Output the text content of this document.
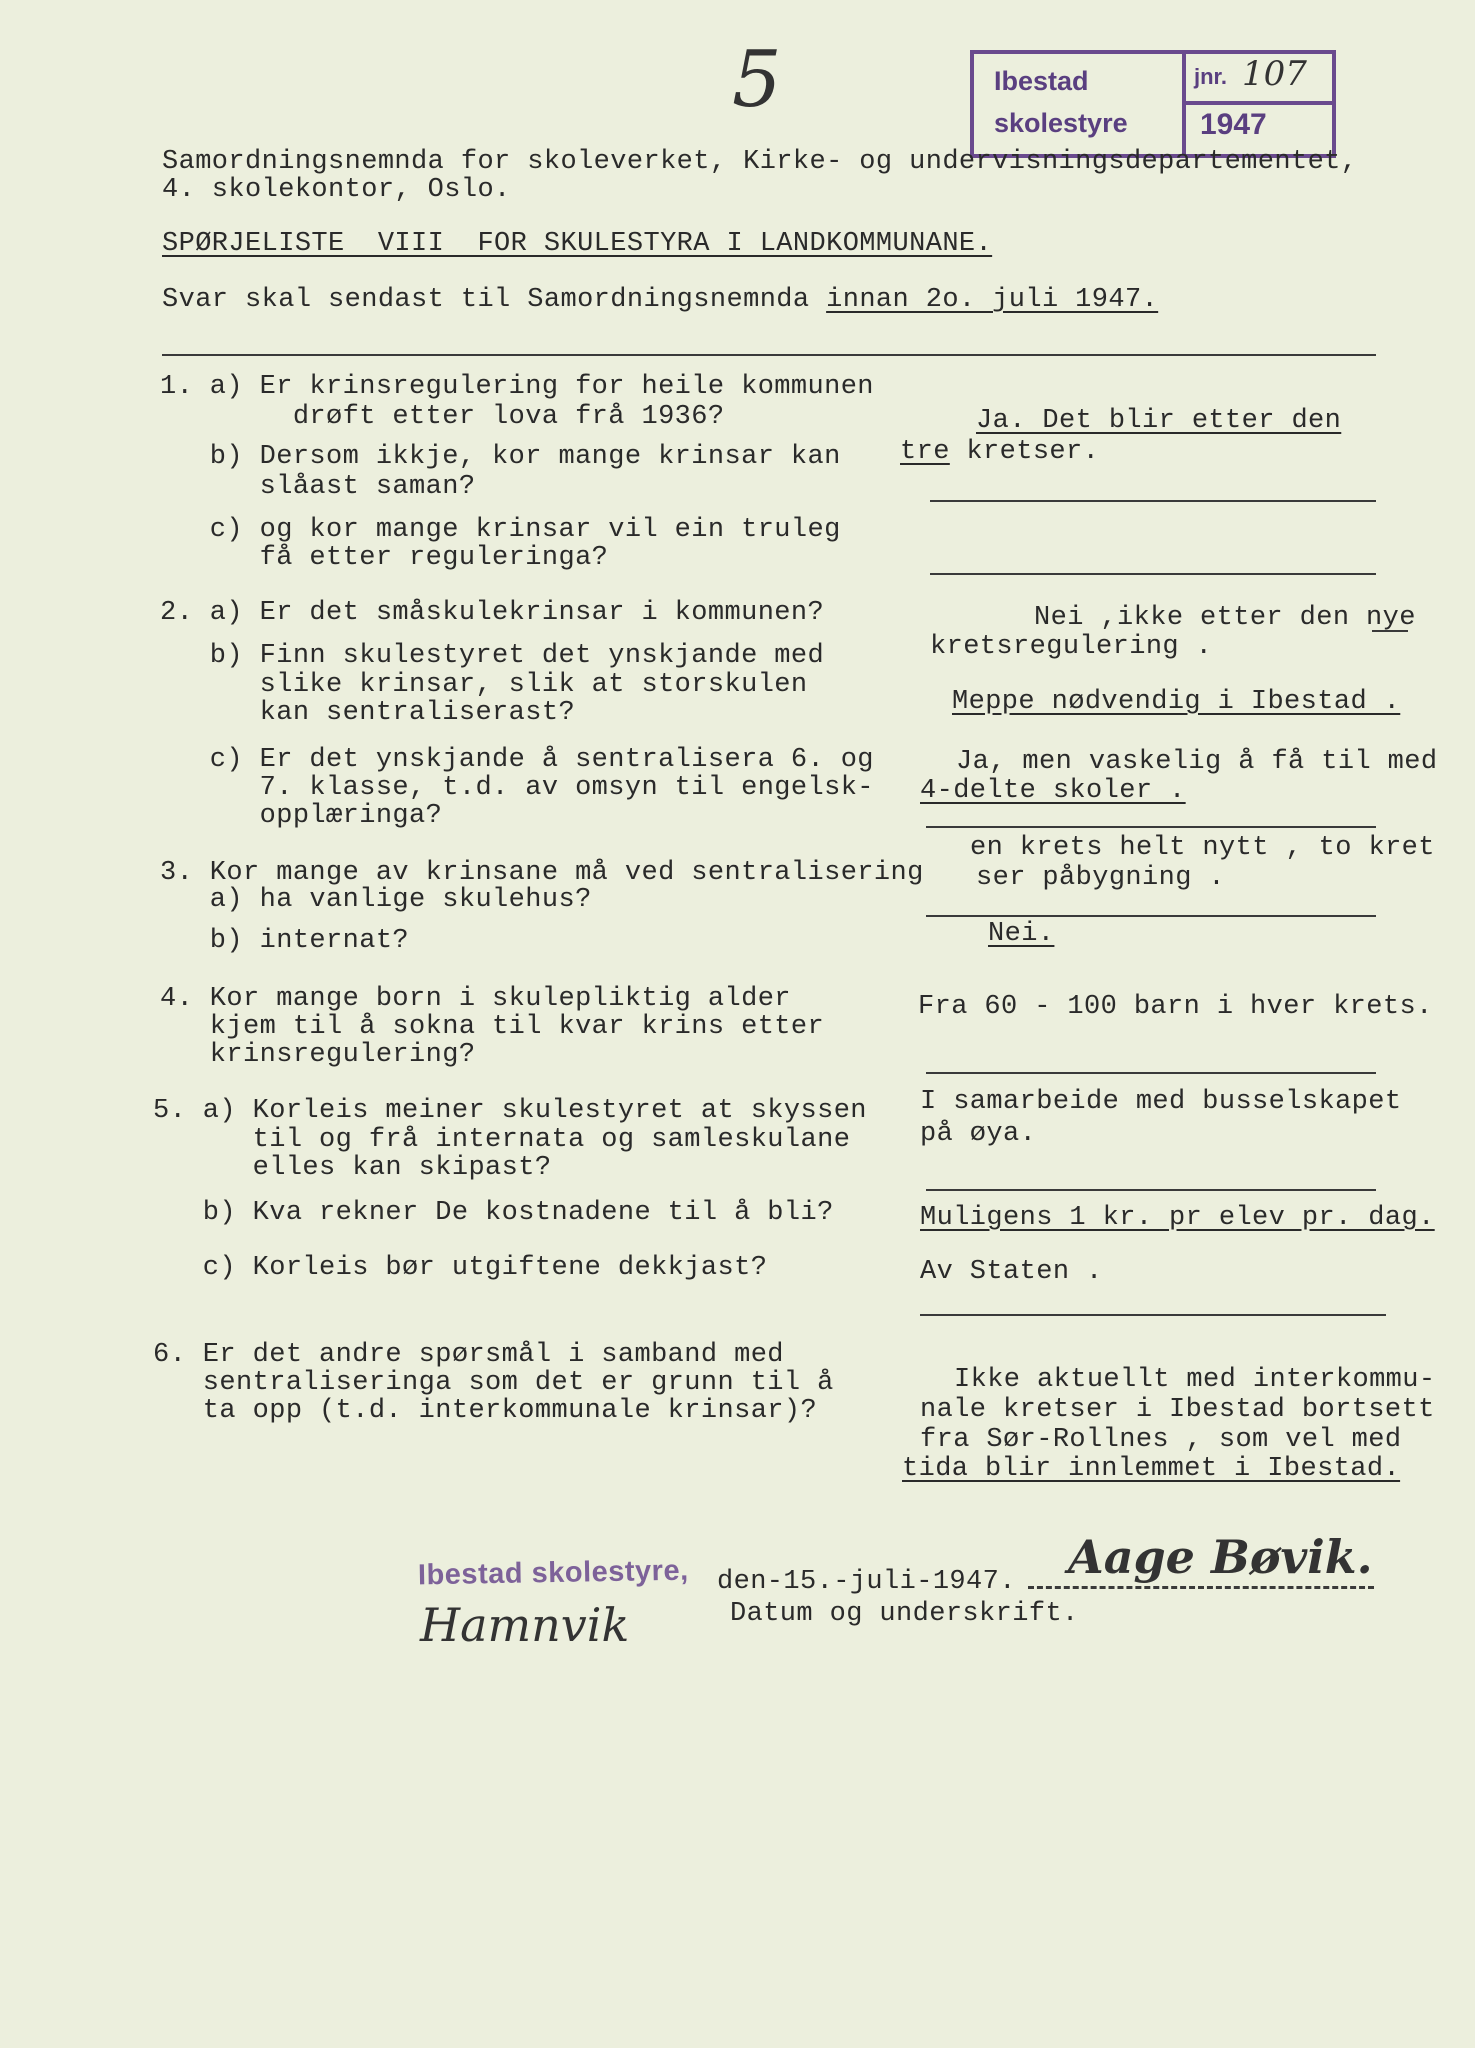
5	Ibestad
skolestyre
jnr. 107
1947
Samordningsnemnda for skoleverket, Kirke- og undervisningsdepartementet,
4. skolekontor, Oslo.
SPØRJELISTE  VIII  FOR SKULESTYRA I LANDKOMMUNANE.
Svar skal sendast til Samordningsnemnda innan 2o. juli 1947.
1. a) Er krinsregulering for heile kommunen
drøft etter lova frå 1936?
b) Dersom ikkje, kor mange krinsar kan
slåast saman?
c) og kor mange krinsar vil ein truleg
få etter reguleringa?
2. a) Er det småskulekrinsar i kommunen?
b) Finn skulestyret det ynskjande med
slike krinsar, slik at storskulen
kan sentraliserast?
c) Er det ynskjande å sentralisera 6. og
7. klasse, t.d. av omsyn til engelsk-
opplæringa?
3. Kor mange av krinsane må ved sentralisering
a) ha vanlige skulehus?
b) internat?
4. Kor mange born i skulepliktig alder
kjem til å sokna til kvar krins etter
krinsregulering?
5. a) Korleis meiner skulestyret at skyssen
til og frå internata og samleskulane
elles kan skipast?
b) Kva rekner De kostnadene til å bli?
c) Korleis bør utgiftene dekkjast?
6. Er det andre spørsmål i samband med
sentraliseringa som det er grunn til å
ta opp (t.d. interkommunale krinsar)?
Ja. Det blir etter den
tre kretser.
Nei ,ikke etter den nye
kretsregulering .
Meppe nødvendig i Ibestad .
Ja, men vaskelig å få til med
4-delte skoler .
en krets helt nytt , to kret
ser påbygning .
Nei.
Fra 60 - 100 barn i hver krets.
I samarbeide med busselskapet
på øya.
Muligens 1 kr. pr elev pr. dag.
Av Staten .
Ikke aktuellt med interkommu-
nale kretser i Ibestad bortsett
fra Sør-Rollnes , som vel med
tida blir innlemmet i Ibestad.
Ibestad skolestyre, den-15.-juli-1947.
Datum og underskrift.
Aage Bøvik.
Hamnvik
